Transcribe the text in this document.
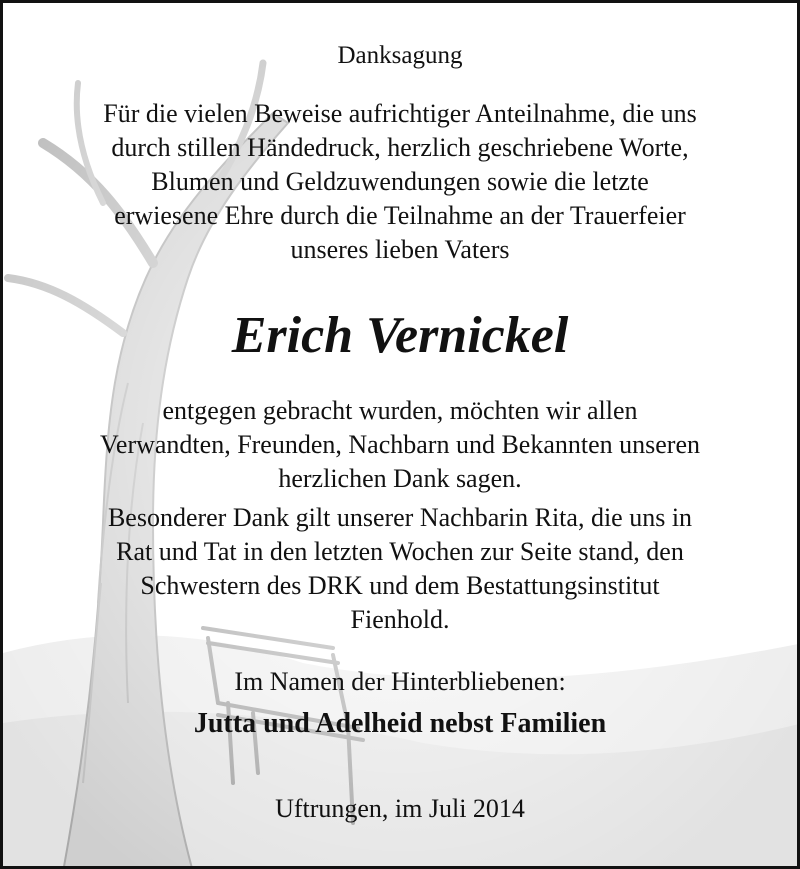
Danksagung
Für die vielen Beweise aufrichtiger Anteilnahme, die uns
durch stillen Händedruck, herzlich geschriebene Worte,
Blumen und Geldzuwendungen sowie die letzte
erwiesene Ehre durch die Teilnahme an der Trauerfeier
unseres lieben Vaters
Erich Vernickel
entgegen gebracht wurden, möchten wir allen
Verwandten, Freunden, Nachbarn und Bekannten unseren
herzlichen Dank sagen.
Besonderer Dank gilt unserer Nachbarin Rita, die uns in
Rat und Tat in den letzten Wochen zur Seite stand, den
Schwestern des DRK und dem Bestattungsinstitut
Fienhold.
Im Namen der Hinterbliebenen:
Jutta und Adelheid nebst Familien
Uftrungen, im Juli 2014
